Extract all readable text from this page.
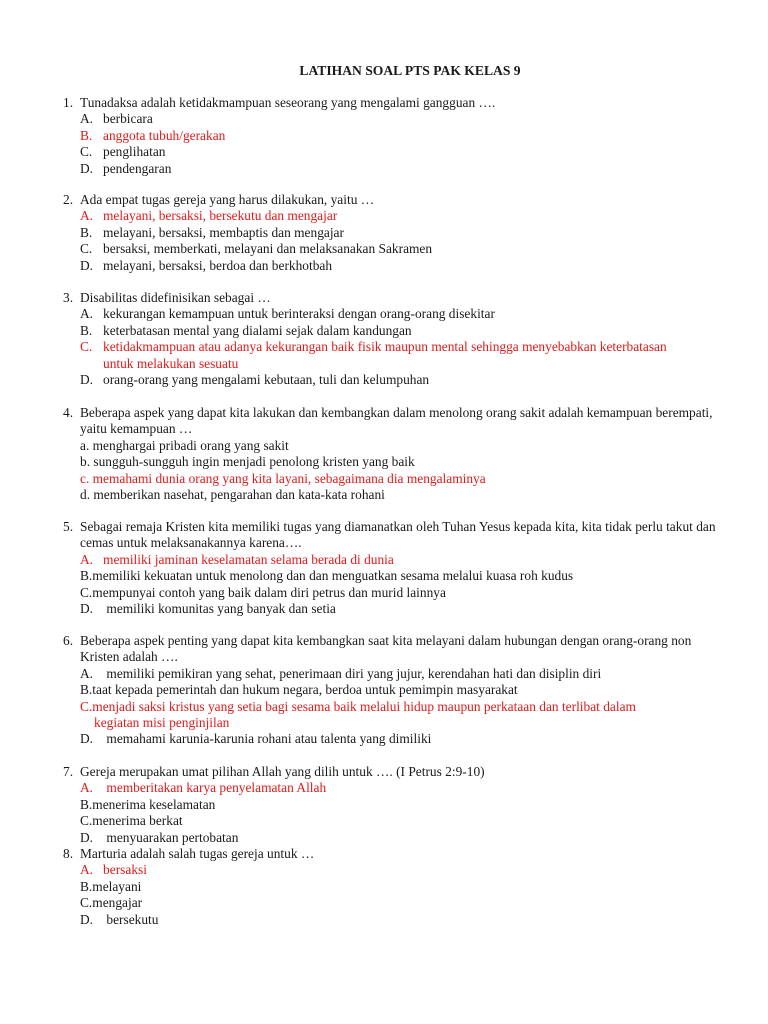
LATIHAN SOAL PTS PAK KELAS 9
1. Tunadaksa adalah ketidakmampuan seseorang yang mengalami gangguan ….
A. berbicara
B. anggota tubuh/gerakan
C. penglihatan
D. pendengaran
2. Ada empat tugas gereja yang harus dilakukan, yaitu …
A. melayani, bersaksi, bersekutu dan mengajar
B. melayani, bersaksi, membaptis dan mengajar
C. bersaksi, memberkati, melayani dan melaksanakan Sakramen
D. melayani, bersaksi, berdoa dan berkhotbah
3. Disabilitas didefinisikan sebagai …
A. kekurangan kemampuan untuk berinteraksi dengan orang-orang disekitar
B. keterbatasan mental yang dialami sejak dalam kandungan
C. ketidakmampuan atau adanya kekurangan baik fisik maupun mental sehingga menyebabkan keterbatasan untuk melakukan sesuatu
D. orang-orang yang mengalami kebutaan, tuli dan kelumpuhan
4. Beberapa aspek yang dapat kita lakukan dan kembangkan dalam menolong orang sakit adalah kemampuan berempati, yaitu kemampuan …
a. menghargai pribadi orang yang sakit
b. sungguh-sungguh ingin menjadi penolong kristen yang baik
c. memahami dunia orang yang kita layani, sebagaimana dia mengalaminya
d. memberikan nasehat, pengarahan dan kata-kata rohani
5. Sebagai remaja Kristen kita memiliki tugas yang diamanatkan oleh Tuhan Yesus kepada kita, kita tidak perlu takut dan cemas untuk melaksanakannya karena….
A.   memiliki jaminan keselamatan selama berada di dunia
B.memiliki kekuatan untuk menolong dan dan menguatkan sesama melalui kuasa roh kudus
C.mempunyai contoh yang baik dalam diri petrus dan murid lainnya
D.    memiliki komunitas yang banyak dan setia
6. Beberapa aspek penting yang dapat kita kembangkan saat kita melayani dalam hubungan dengan orang-orang non Kristen adalah ….
A.    memiliki pemikiran yang sehat, penerimaan diri yang jujur, kerendahan hati dan disiplin diri
B.taat kepada pemerintah dan hukum negara, berdoa untuk pemimpin masyarakat
C.menjadi saksi kristus yang setia bagi sesama baik melalui hidup maupun perkataan dan terlibat dalam
kegiatan misi penginjilan
D.    memahami karunia-karunia rohani atau talenta yang dimiliki
7. Gereja merupakan umat pilihan Allah yang dilih untuk …. (I Petrus 2:9-10)
A.    memberitakan karya penyelamatan Allah
B.menerima keselamatan
C.menerima berkat
D.    menyuarakan pertobatan
8. Marturia adalah salah tugas gereja untuk …
A.   bersaksi
B.melayani
C.mengajar
D.    bersekutu
